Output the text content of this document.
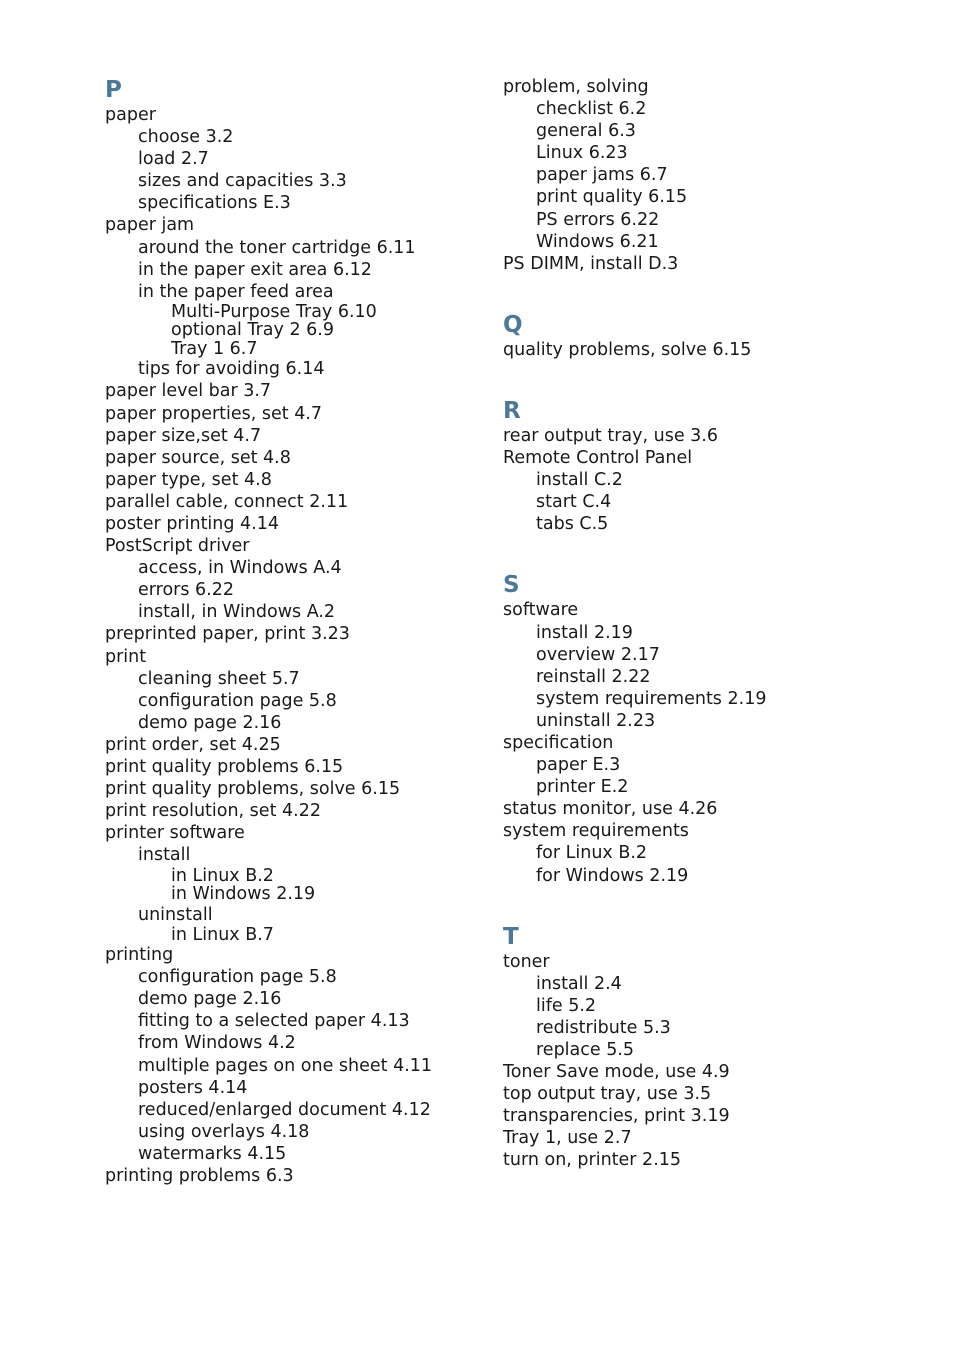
P
paper
choose 3.2
load 2.7
sizes and capacities 3.3
specifications E.3
paper jam
around the toner cartridge 6.11
in the paper exit area 6.12
in the paper feed area
Multi-Purpose Tray 6.10
optional Tray 2 6.9
Tray 1 6.7
tips for avoiding 6.14
paper level bar 3.7
paper properties, set 4.7
paper size,set 4.7
paper source, set 4.8
paper type, set 4.8
parallel cable, connect 2.11
poster printing 4.14
PostScript driver
access, in Windows A.4
errors 6.22
install, in Windows A.2
preprinted paper, print 3.23
print
cleaning sheet 5.7
configuration page 5.8
demo page 2.16
print order, set 4.25
print quality problems 6.15
print quality problems, solve 6.15
print resolution, set 4.22
printer software
install
in Linux B.2
in Windows 2.19
uninstall
in Linux B.7
printing
configuration page 5.8
demo page 2.16
fitting to a selected paper 4.13
from Windows 4.2
multiple pages on one sheet 4.11
posters 4.14
reduced/enlarged document 4.12
using overlays 4.18
watermarks 4.15
printing problems 6.3
problem, solving
checklist 6.2
general 6.3
Linux 6.23
paper jams 6.7
print quality 6.15
PS errors 6.22
Windows 6.21
PS DIMM, install D.3
Q
quality problems, solve 6.15
R
rear output tray, use 3.6
Remote Control Panel
install C.2
start C.4
tabs C.5
S
software
install 2.19
overview 2.17
reinstall 2.22
system requirements 2.19
uninstall 2.23
specification
paper E.3
printer E.2
status monitor, use 4.26
system requirements
for Linux B.2
for Windows 2.19
T
toner
install 2.4
life 5.2
redistribute 5.3
replace 5.5
Toner Save mode, use 4.9
top output tray, use 3.5
transparencies, print 3.19
Tray 1, use 2.7
turn on, printer 2.15
